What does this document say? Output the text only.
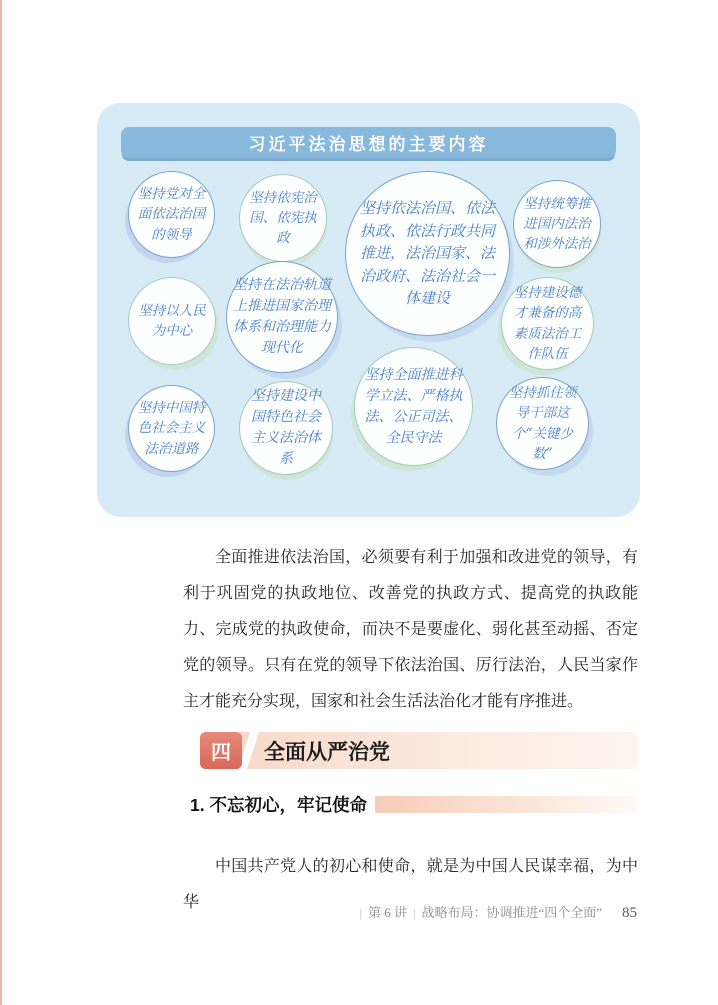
习近平法治思想的主要内容
坚持党对全面依法治国的领导
坚持依宪治国、依宪执政
坚持依法治国、依法执政、依法行政共同推进，法治国家、法治政府、法治社会一体建设
坚持统筹推进国内法治和涉外法治
坚持以人民为中心
坚持在法治轨道上推进国家治理体系和治理能力现代化
坚持建设德才兼备的高素质法治工作队伍
坚持中国特色社会主义法治道路
坚持建设中国特色社会主义法治体系
坚持全面推进科学立法、严格执法、公正司法、全民守法
坚持抓住领导干部这个“关键少数”

全面推进依法治国，必须要有利于加强和改进党的领导，有利于巩固党的执政地位、改善党的执政方式、提高党的执政能力、完成党的执政使命，而决不是要虚化、弱化甚至动摇、否定党的领导。只有在党的领导下依法治国、厉行法治，人民当家作主才能充分实现，国家和社会生活法治化才能有序推进。

四	全面从严治党
1. 不忘初心，牢记使命

中国共产党人的初心和使命，就是为中国人民谋幸福，为中华

| 第 6 讲 | 战略布局：协调推进“四个全面” 85
